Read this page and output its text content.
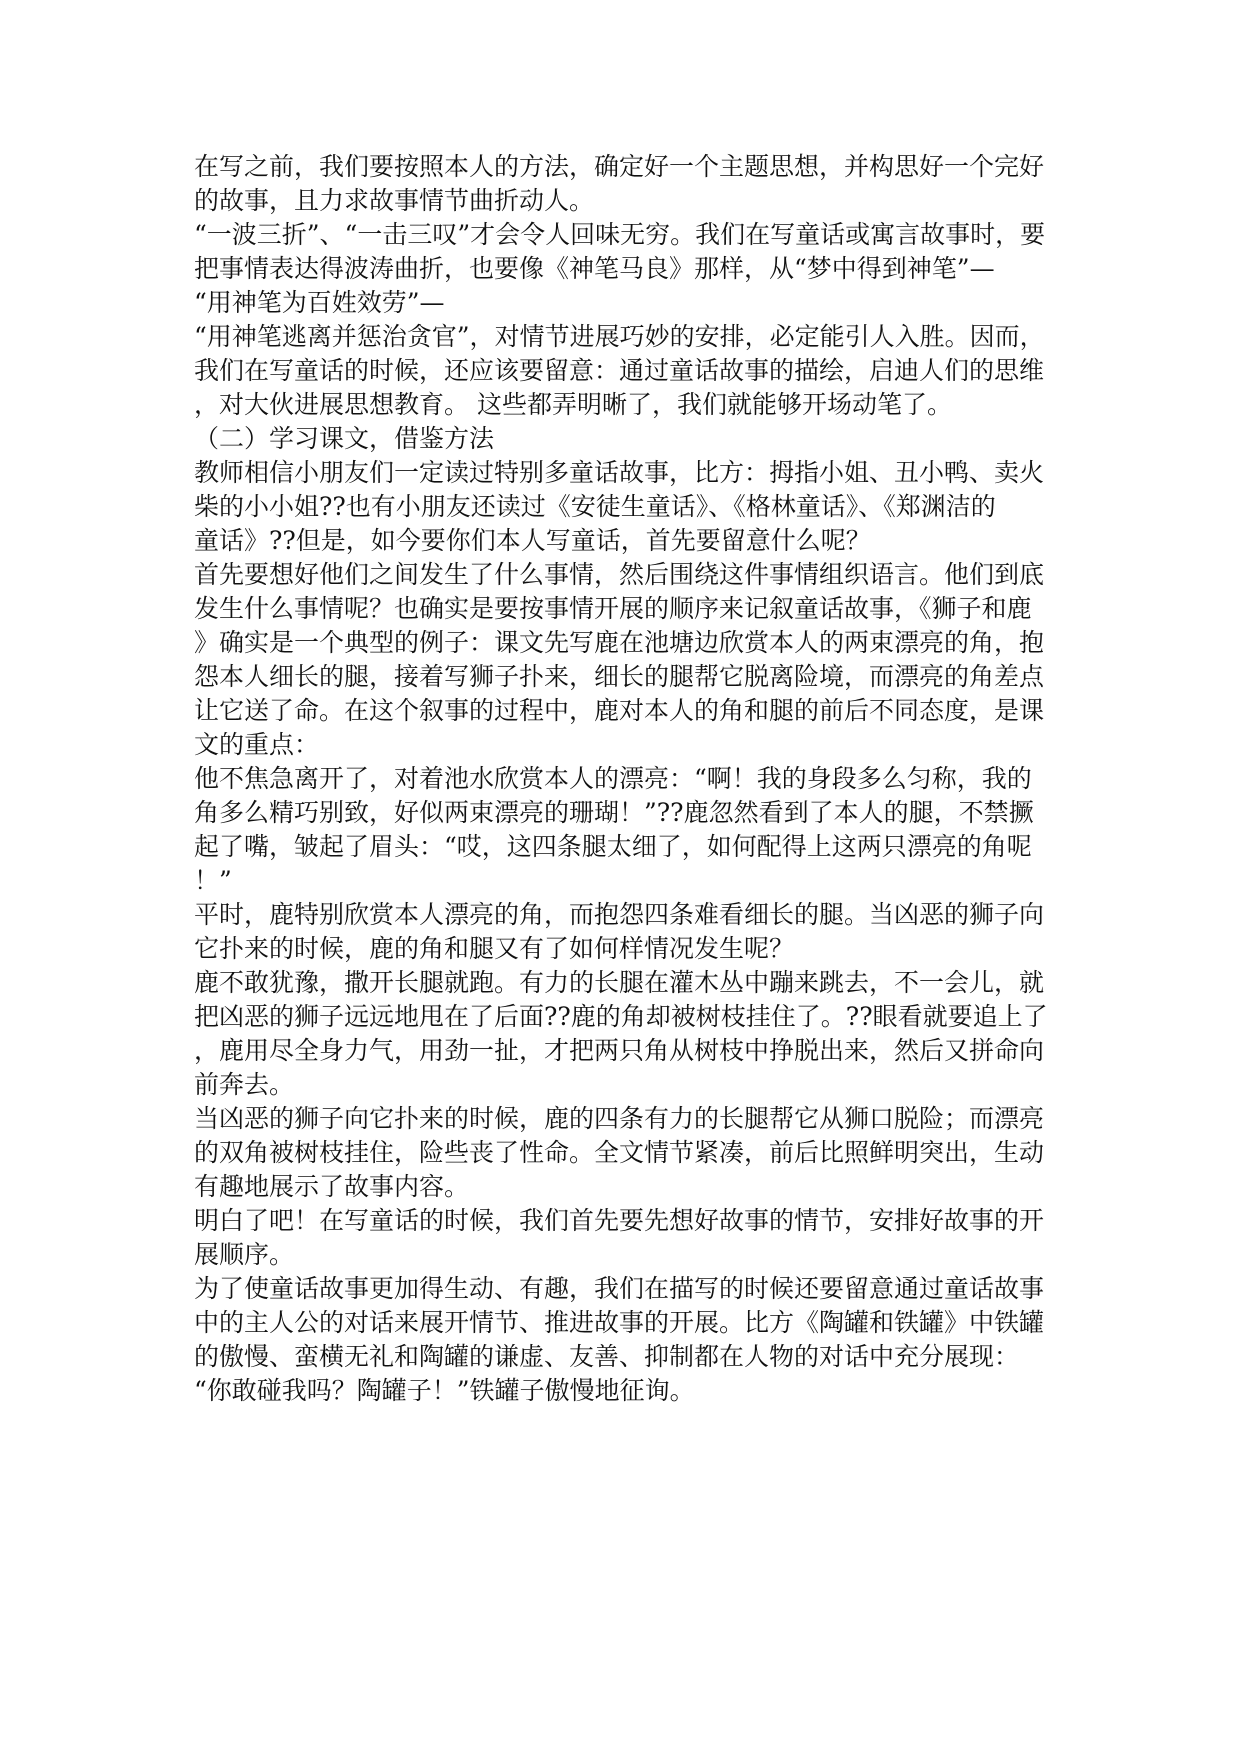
在写之前，我们要按照本人的方法，确定好一个主题思想，并构思好一个完好
的故事，且力求故事情节曲折动人。
“一波三折”、“一击三叹”才会令人回味无穷。我们在写童话或寓言故事时，要
把事情表达得波涛曲折，也要像《神笔马良》那样，从“梦中得到神笔”—
“用神笔为百姓效劳”—
“用神笔逃离并惩治贪官”，对情节进展巧妙的安排，必定能引人入胜。因而，
我们在写童话的时候，还应该要留意：通过童话故事的描绘，启迪人们的思维
，对大伙进展思想教育。 这些都弄明晰了，我们就能够开场动笔了。
（二）学习课文，借鉴方法
教师相信小朋友们一定读过特别多童话故事，比方：拇指小姐、丑小鸭、卖火
柴的小小姐??也有小朋友还读过《安徒生童话》、《格林童话》、《郑渊洁的
童话》??但是，如今要你们本人写童话，首先要留意什么呢？
首先要想好他们之间发生了什么事情，然后围绕这件事情组织语言。他们到底
发生什么事情呢？也确实是要按事情开展的顺序来记叙童话故事，《狮子和鹿
》确实是一个典型的例子：课文先写鹿在池塘边欣赏本人的两束漂亮的角，抱
怨本人细长的腿，接着写狮子扑来，细长的腿帮它脱离险境，而漂亮的角差点
让它送了命。在这个叙事的过程中，鹿对本人的角和腿的前后不同态度，是课
文的重点：
他不焦急离开了，对着池水欣赏本人的漂亮：“啊！我的身段多么匀称，我的
角多么精巧别致，好似两束漂亮的珊瑚！”??鹿忽然看到了本人的腿，不禁撅
起了嘴，皱起了眉头：“哎，这四条腿太细了，如何配得上这两只漂亮的角呢
！”
平时，鹿特别欣赏本人漂亮的角，而抱怨四条难看细长的腿。当凶恶的狮子向
它扑来的时候，鹿的角和腿又有了如何样情况发生呢？
鹿不敢犹豫，撒开长腿就跑。有力的长腿在灌木丛中蹦来跳去，不一会儿，就
把凶恶的狮子远远地甩在了后面??鹿的角却被树枝挂住了。??眼看就要追上了
，鹿用尽全身力气，用劲一扯，才把两只角从树枝中挣脱出来，然后又拼命向
前奔去。
当凶恶的狮子向它扑来的时候，鹿的四条有力的长腿帮它从狮口脱险；而漂亮
的双角被树枝挂住，险些丧了性命。全文情节紧凑，前后比照鲜明突出，生动
有趣地展示了故事内容。
明白了吧！在写童话的时候，我们首先要先想好故事的情节，安排好故事的开
展顺序。
为了使童话故事更加得生动、有趣，我们在描写的时候还要留意通过童话故事
中的主人公的对话来展开情节、推进故事的开展。比方《陶罐和铁罐》中铁罐
的傲慢、蛮横无礼和陶罐的谦虚、友善、抑制都在人物的对话中充分展现：
“你敢碰我吗？陶罐子！”铁罐子傲慢地征询。
